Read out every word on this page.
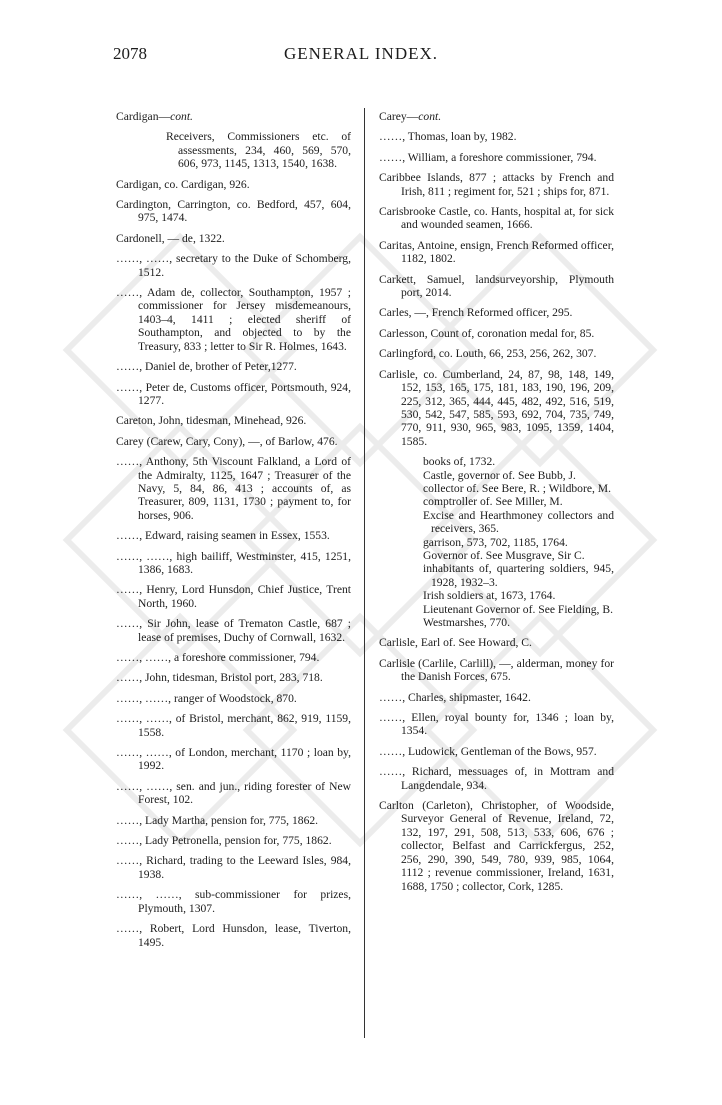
2078	GENERAL INDEX.

Cardigan—cont.

Receivers, Commissioners etc. of assessments, 234, 460, 569, 570, 606, 973, 1145, 1313, 1540, 1638.

Cardigan, co. Cardigan, 926.

Cardington, Carrington, co. Bedford, 457, 604, 975, 1474.

Cardonell, — de, 1322.

……, ……, secretary to the Duke of Schomberg, 1512.

……, Adam de, collector, Southampton, 1957 ; commissioner for Jersey misdemeanours, 1403–4, 1411 ; elected sheriff of Southampton, and objected to by the Treasury, 833 ; letter to Sir R. Holmes, 1643.

……, Daniel de, brother of Peter,1277.

……, Peter de, Customs officer, Portsmouth, 924, 1277.

Careton, John, tidesman, Minehead, 926.

Carey (Carew, Cary, Cony), —, of Barlow, 476.

……, Anthony, 5th Viscount Falkland, a Lord of the Admiralty, 1125, 1647 ; Treasurer of the Navy, 5, 84, 86, 413 ; accounts of, as Treasurer, 809, 1131, 1730 ; payment to, for horses, 906.

……, Edward, raising seamen in Essex, 1553.

……, ……, high bailiff, Westminster, 415, 1251, 1386, 1683.

……, Henry, Lord Hunsdon, Chief Justice, Trent North, 1960.

……, Sir John, lease of Trematon Castle, 687 ; lease of premises, Duchy of Cornwall, 1632.

……, ……, a foreshore commissioner, 794.

……, John, tidesman, Bristol port, 283, 718.

……, ……, ranger of Woodstock, 870.

……, ……, of Bristol, merchant, 862, 919, 1159, 1558.

……, ……, of London, merchant, 1170 ; loan by, 1992.

……, ……, sen. and jun., riding forester of New Forest, 102.

……, Lady Martha, pension for, 775, 1862.

……, Lady Petronella, pension for, 775, 1862.

……, Richard, trading to the Leeward Isles, 984, 1938.

……, ……, sub-commissioner for prizes, Plymouth, 1307.

……, Robert, Lord Hunsdon, lease, Tiverton, 1495.

Carey—cont.

……, Thomas, loan by, 1982.

……, William, a foreshore commissioner, 794.

Caribbee Islands, 877 ; attacks by French and Irish, 811 ; regiment for, 521 ; ships for, 871.

Carisbrooke Castle, co. Hants, hospital at, for sick and wounded seamen, 1666.

Caritas, Antoine, ensign, French Reformed officer, 1182, 1802.

Carkett, Samuel, landsurveyorship, Plymouth port, 2014.

Carles, —, French Reformed officer, 295.

Carlesson, Count of, coronation medal for, 85.

Carlingford, co. Louth, 66, 253, 256, 262, 307.

Carlisle, co. Cumberland, 24, 87, 98, 148, 149, 152, 153, 165, 175, 181, 183, 190, 196, 209, 225, 312, 365, 444, 445, 482, 492, 516, 519, 530, 542, 547, 585, 593, 692, 704, 735, 749, 770, 911, 930, 965, 983, 1095, 1359, 1404, 1585.

books of, 1732.

Castle, governor of. See Bubb, J.

collector of. See Bere, R. ; Wildbore, M.

comptroller of. See Miller, M.

Excise and Hearthmoney collectors and receivers, 365.

garrison, 573, 702, 1185, 1764.

Governor of. See Musgrave, Sir C.

inhabitants of, quartering soldiers, 945, 1928, 1932–3.

Irish soldiers at, 1673, 1764.

Lieutenant Governor of. See Fielding, B.

Westmarshes, 770.

Carlisle, Earl of. See Howard, C.

Carlisle (Carlile, Carlill), —, alderman, money for the Danish Forces, 675.

……, Charles, shipmaster, 1642.

……, Ellen, royal bounty for, 1346 ; loan by, 1354.

……, Ludowick, Gentleman of the Bows, 957.

……, Richard, messuages of, in Mottram and Langdendale, 934.

Carlton (Carleton), Christopher, of Woodside, Surveyor General of Revenue, Ireland, 72, 132, 197, 291, 508, 513, 533, 606, 676 ; collector, Belfast and Carrickfergus, 252, 256, 290, 390, 549, 780, 939, 985, 1064, 1112 ; revenue commissioner, Ireland, 1631, 1688, 1750 ; collector, Cork, 1285.
